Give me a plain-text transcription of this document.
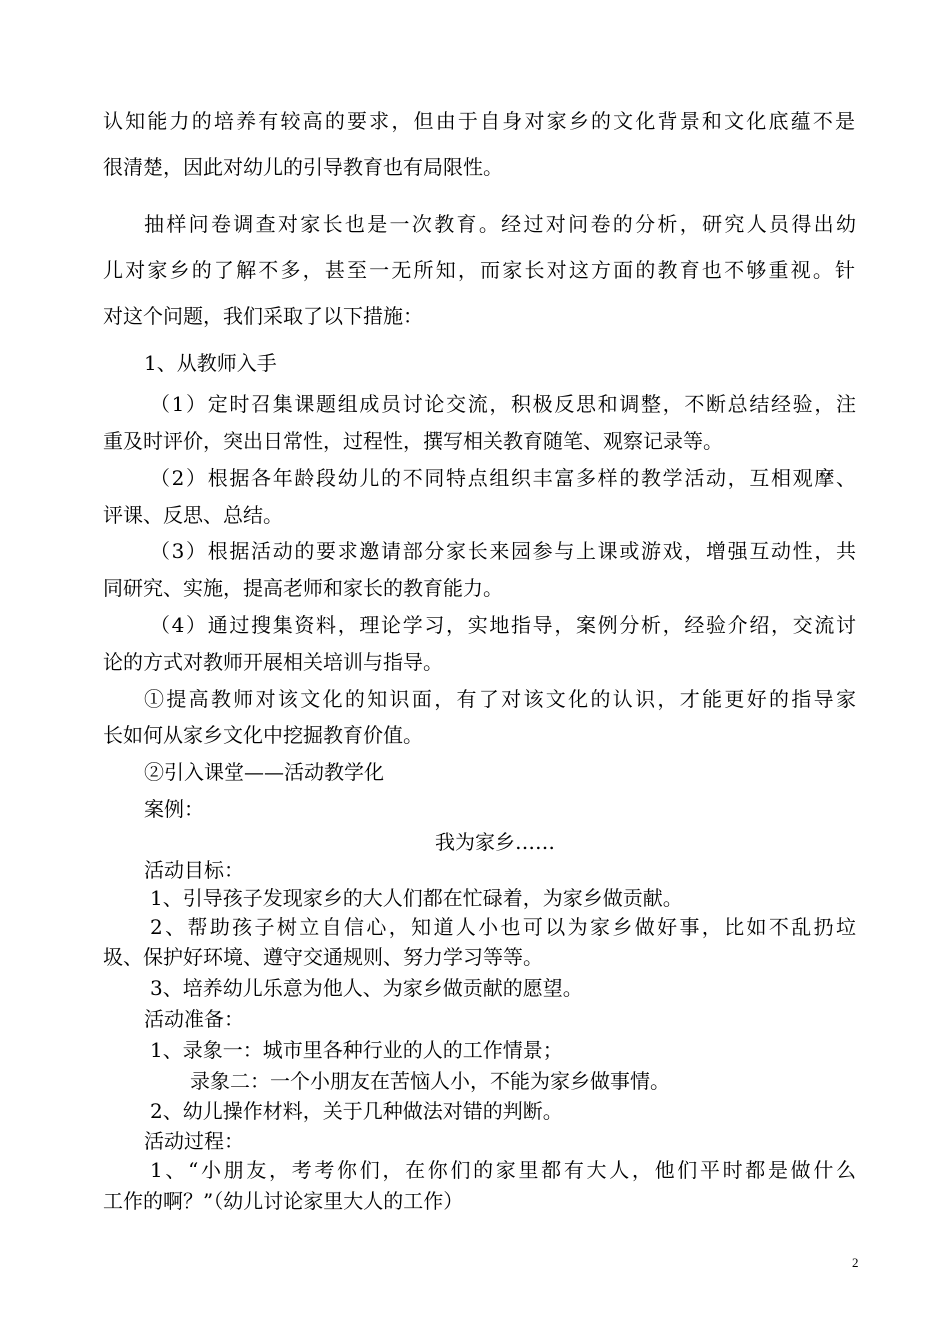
认知能力的培养有较高的要求，但由于自身对家乡的文化背景和文化底蕴不是
很清楚，因此对幼儿的引导教育也有局限性。
抽样问卷调查对家长也是一次教育。经过对问卷的分析，研究人员得出幼
儿对家乡的了解不多，甚至一无所知，而家长对这方面的教育也不够重视。针
对这个问题，我们采取了以下措施：
1、从教师入手
（1）定时召集课题组成员讨论交流，积极反思和调整，不断总结经验，注
重及时评价，突出日常性，过程性，撰写相关教育随笔、观察记录等。
（2）根据各年龄段幼儿的不同特点组织丰富多样的教学活动，互相观摩、
评课、反思、总结。
（3）根据活动的要求邀请部分家长来园参与上课或游戏，增强互动性，共
同研究、实施，提高老师和家长的教育能力。
（4）通过搜集资料，理论学习，实地指导，案例分析，经验介绍，交流讨
论的方式对教师开展相关培训与指导。
①提高教师对该文化的知识面，有了对该文化的认识，才能更好的指导家
长如何从家乡文化中挖掘教育价值。
②引入课堂——活动教学化
案例：
我为家乡……
活动目标：
1、引导孩子发现家乡的大人们都在忙碌着，为家乡做贡献。
2、帮助孩子树立自信心，知道人小也可以为家乡做好事，比如不乱扔垃
圾、保护好环境、遵守交通规则、努力学习等等。
3、培养幼儿乐意为他人、为家乡做贡献的愿望。
活动准备：
1、录象一：城市里各种行业的人的工作情景；
录象二：一个小朋友在苦恼人小，不能为家乡做事情。
2、幼儿操作材料，关于几种做法对错的判断。
活动过程：
1、“小朋友，考考你们，在你们的家里都有大人，他们平时都是做什么
工作的啊？”（幼儿讨论家里大人的工作）
2
